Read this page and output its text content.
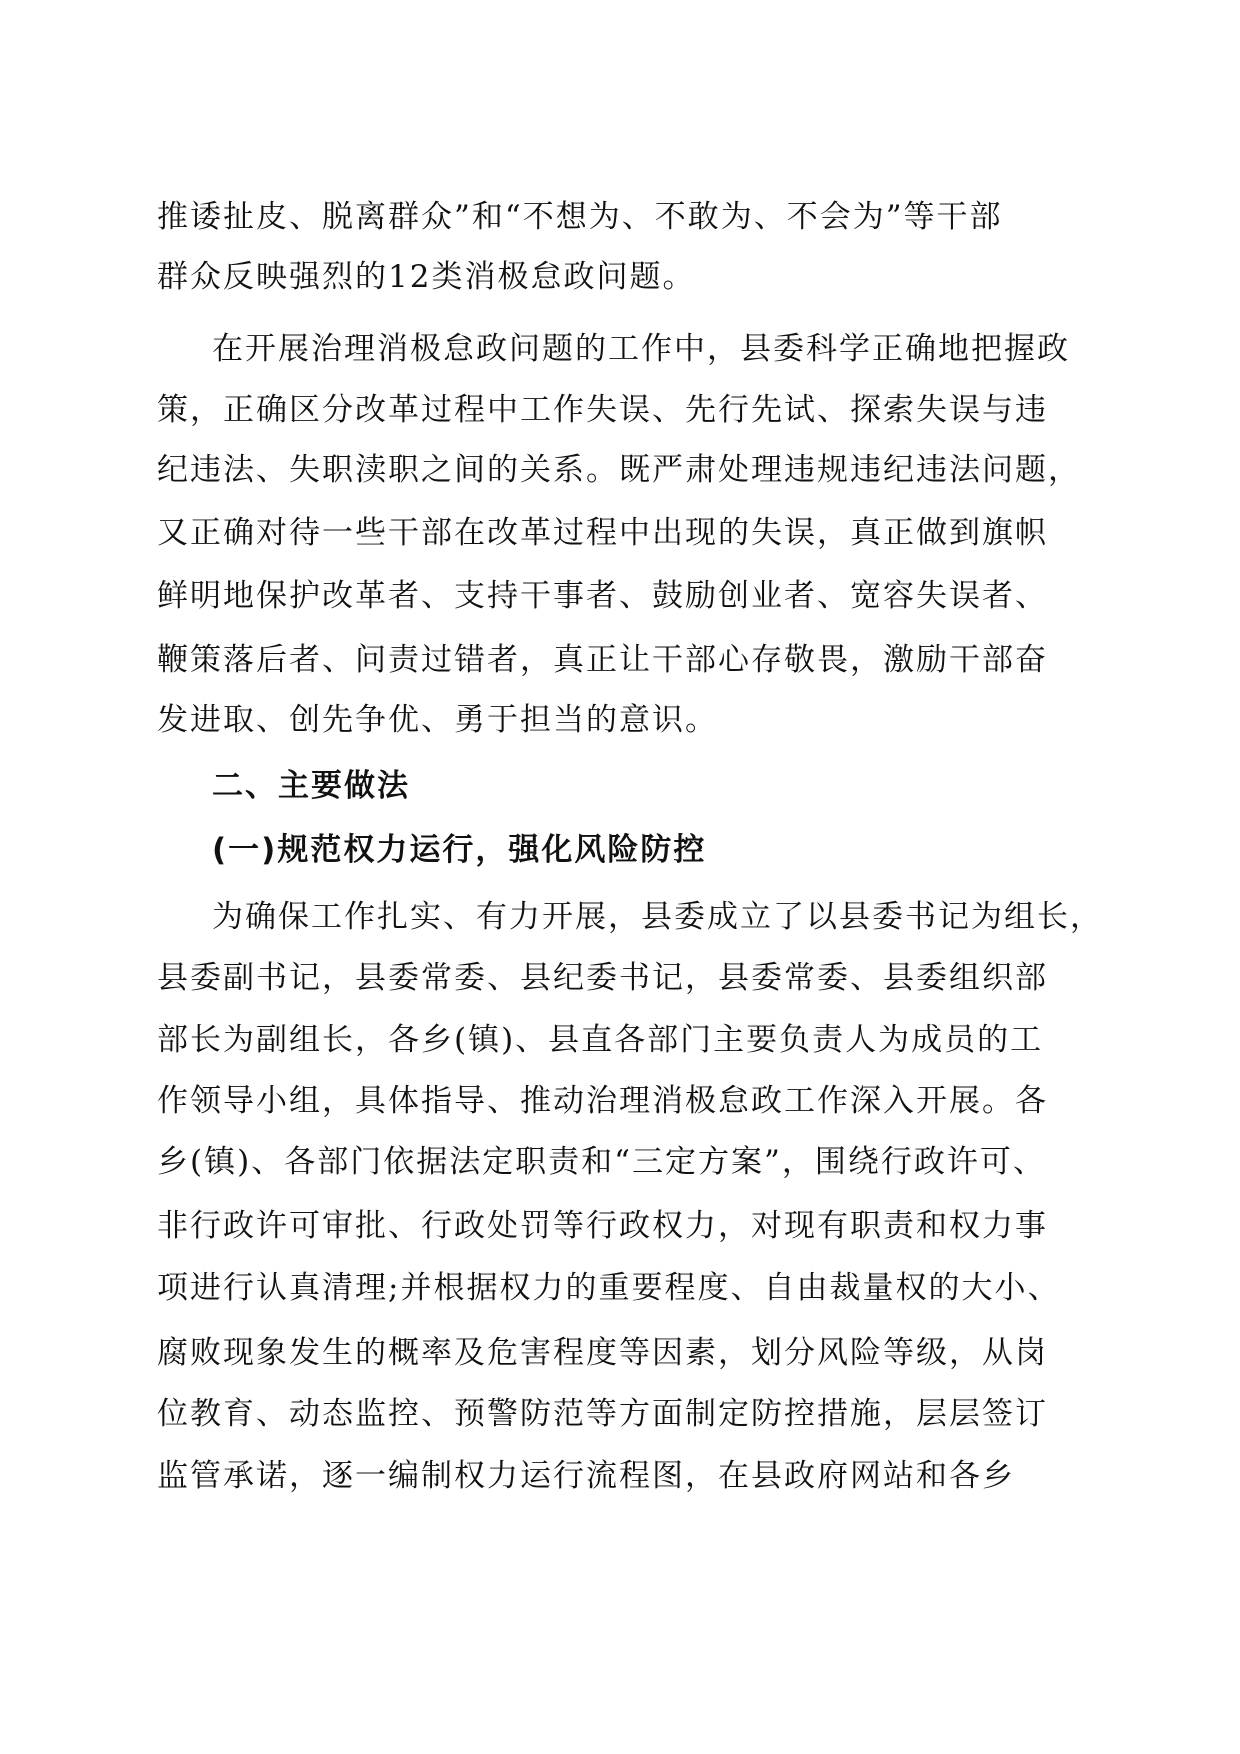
推诿扯皮、脱离群众”和“不想为、不敢为、不会为”等干部
群众反映强烈的12类消极怠政问题。
在开展治理消极怠政问题的工作中，县委科学正确地把握政
策，正确区分改革过程中工作失误、先行先试、探索失误与违
纪违法、失职渎职之间的关系。既严肃处理违规违纪违法问题，
又正确对待一些干部在改革过程中出现的失误，真正做到旗帜
鲜明地保护改革者、支持干事者、鼓励创业者、宽容失误者、
鞭策落后者、问责过错者，真正让干部心存敬畏，激励干部奋
发进取、创先争优、勇于担当的意识。
二、主要做法
(一)规范权力运行，强化风险防控
为确保工作扎实、有力开展，县委成立了以县委书记为组长，
县委副书记，县委常委、县纪委书记，县委常委、县委组织部
部长为副组长，各乡(镇)、县直各部门主要负责人为成员的工
作领导小组，具体指导、推动治理消极怠政工作深入开展。各
乡(镇)、各部门依据法定职责和“三定方案”，围绕行政许可、
非行政许可审批、行政处罚等行政权力，对现有职责和权力事
项进行认真清理;并根据权力的重要程度、自由裁量权的大小、
腐败现象发生的概率及危害程度等因素，划分风险等级，从岗
位教育、动态监控、预警防范等方面制定防控措施，层层签订
监管承诺，逐一编制权力运行流程图，在县政府网站和各乡
